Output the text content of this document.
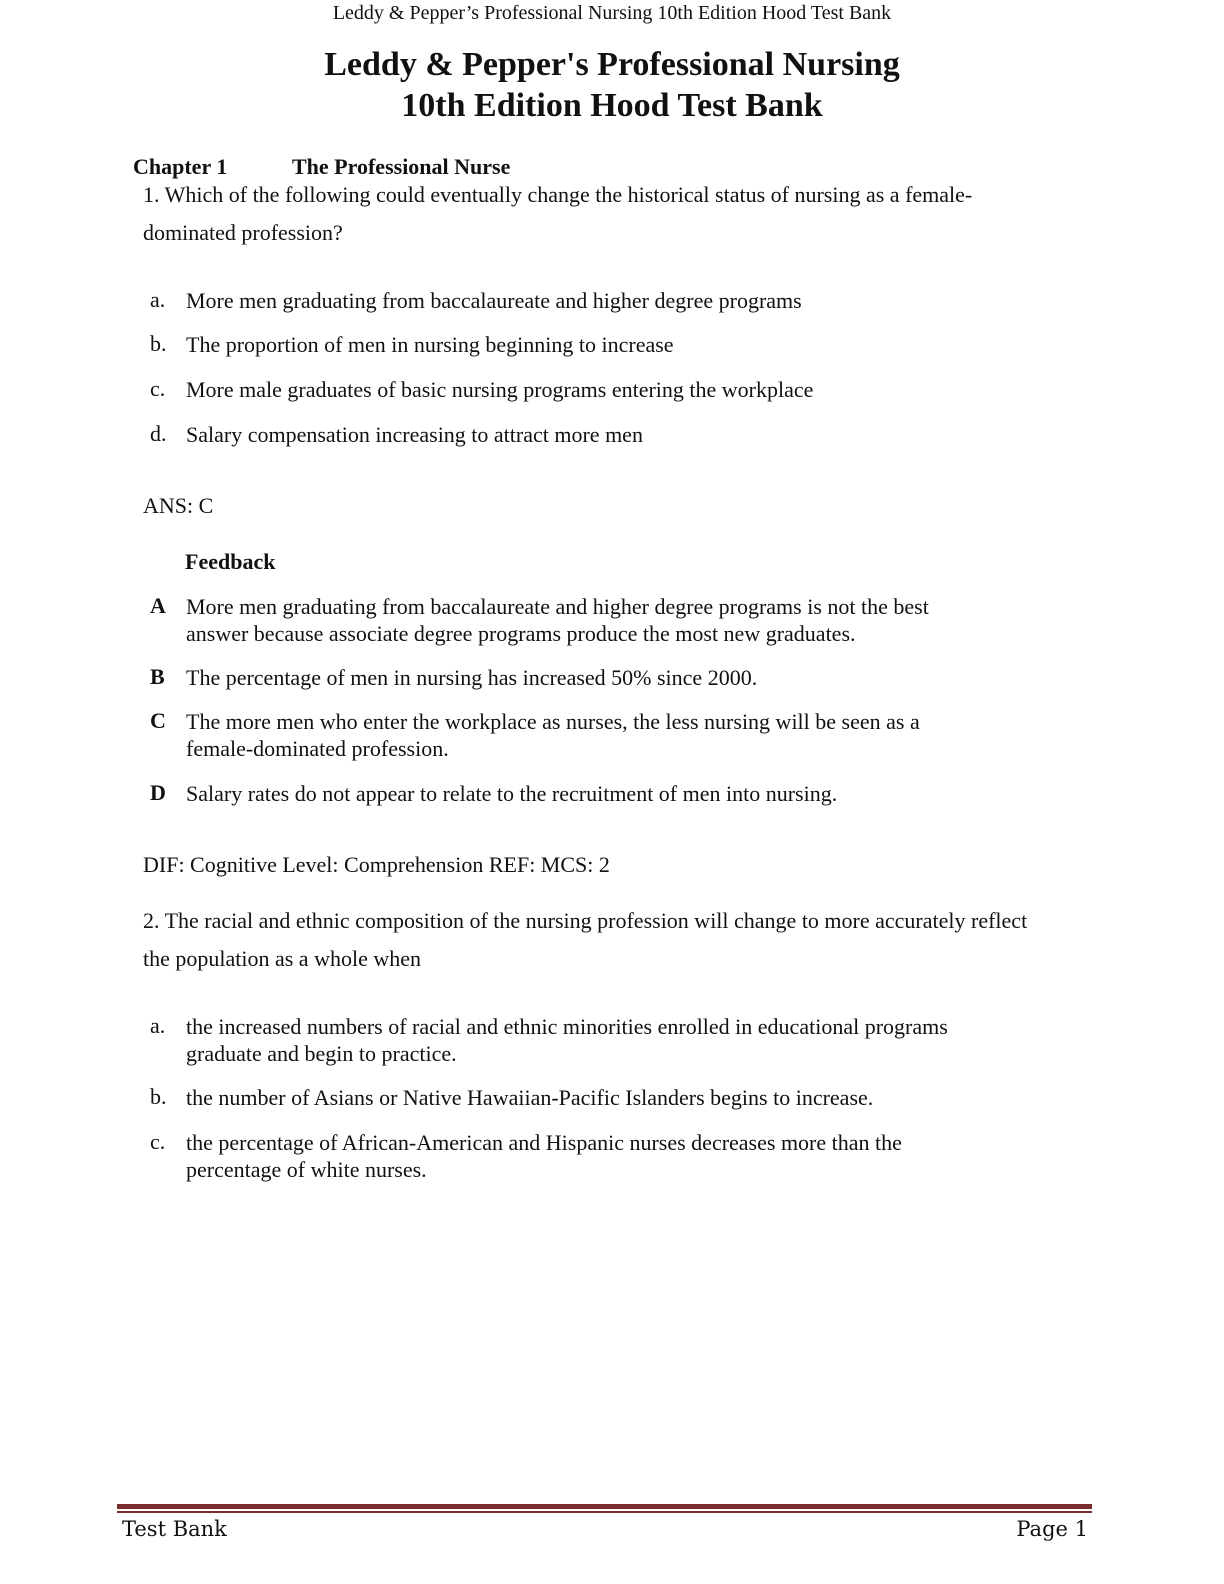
Leddy & Pepper’s Professional Nursing 10th Edition Hood Test Bank
Leddy & Pepper's Professional Nursing
10th Edition Hood Test Bank
Chapter 1	The Professional Nurse
1. Which of the following could eventually change the historical status of nursing as a female-dominated profession?
a. More men graduating from baccalaureate and higher degree programs
b. The proportion of men in nursing beginning to increase
c. More male graduates of basic nursing programs entering the workplace
d. Salary compensation increasing to attract more men
ANS: C
Feedback
A More men graduating from baccalaureate and higher degree programs is not the best answer because associate degree programs produce the most new graduates.
B The percentage of men in nursing has increased 50% since 2000.
C The more men who enter the workplace as nurses, the less nursing will be seen as a female-dominated profession.
D Salary rates do not appear to relate to the recruitment of men into nursing.
DIF: Cognitive Level: Comprehension REF: MCS: 2
2. The racial and ethnic composition of the nursing profession will change to more accurately reflect the population as a whole when
a. the increased numbers of racial and ethnic minorities enrolled in educational programs graduate and begin to practice.
b. the number of Asians or Native Hawaiian-Pacific Islanders begins to increase.
c. the percentage of African-American and Hispanic nurses decreases more than the percentage of white nurses.
Test Bank	Page 1
